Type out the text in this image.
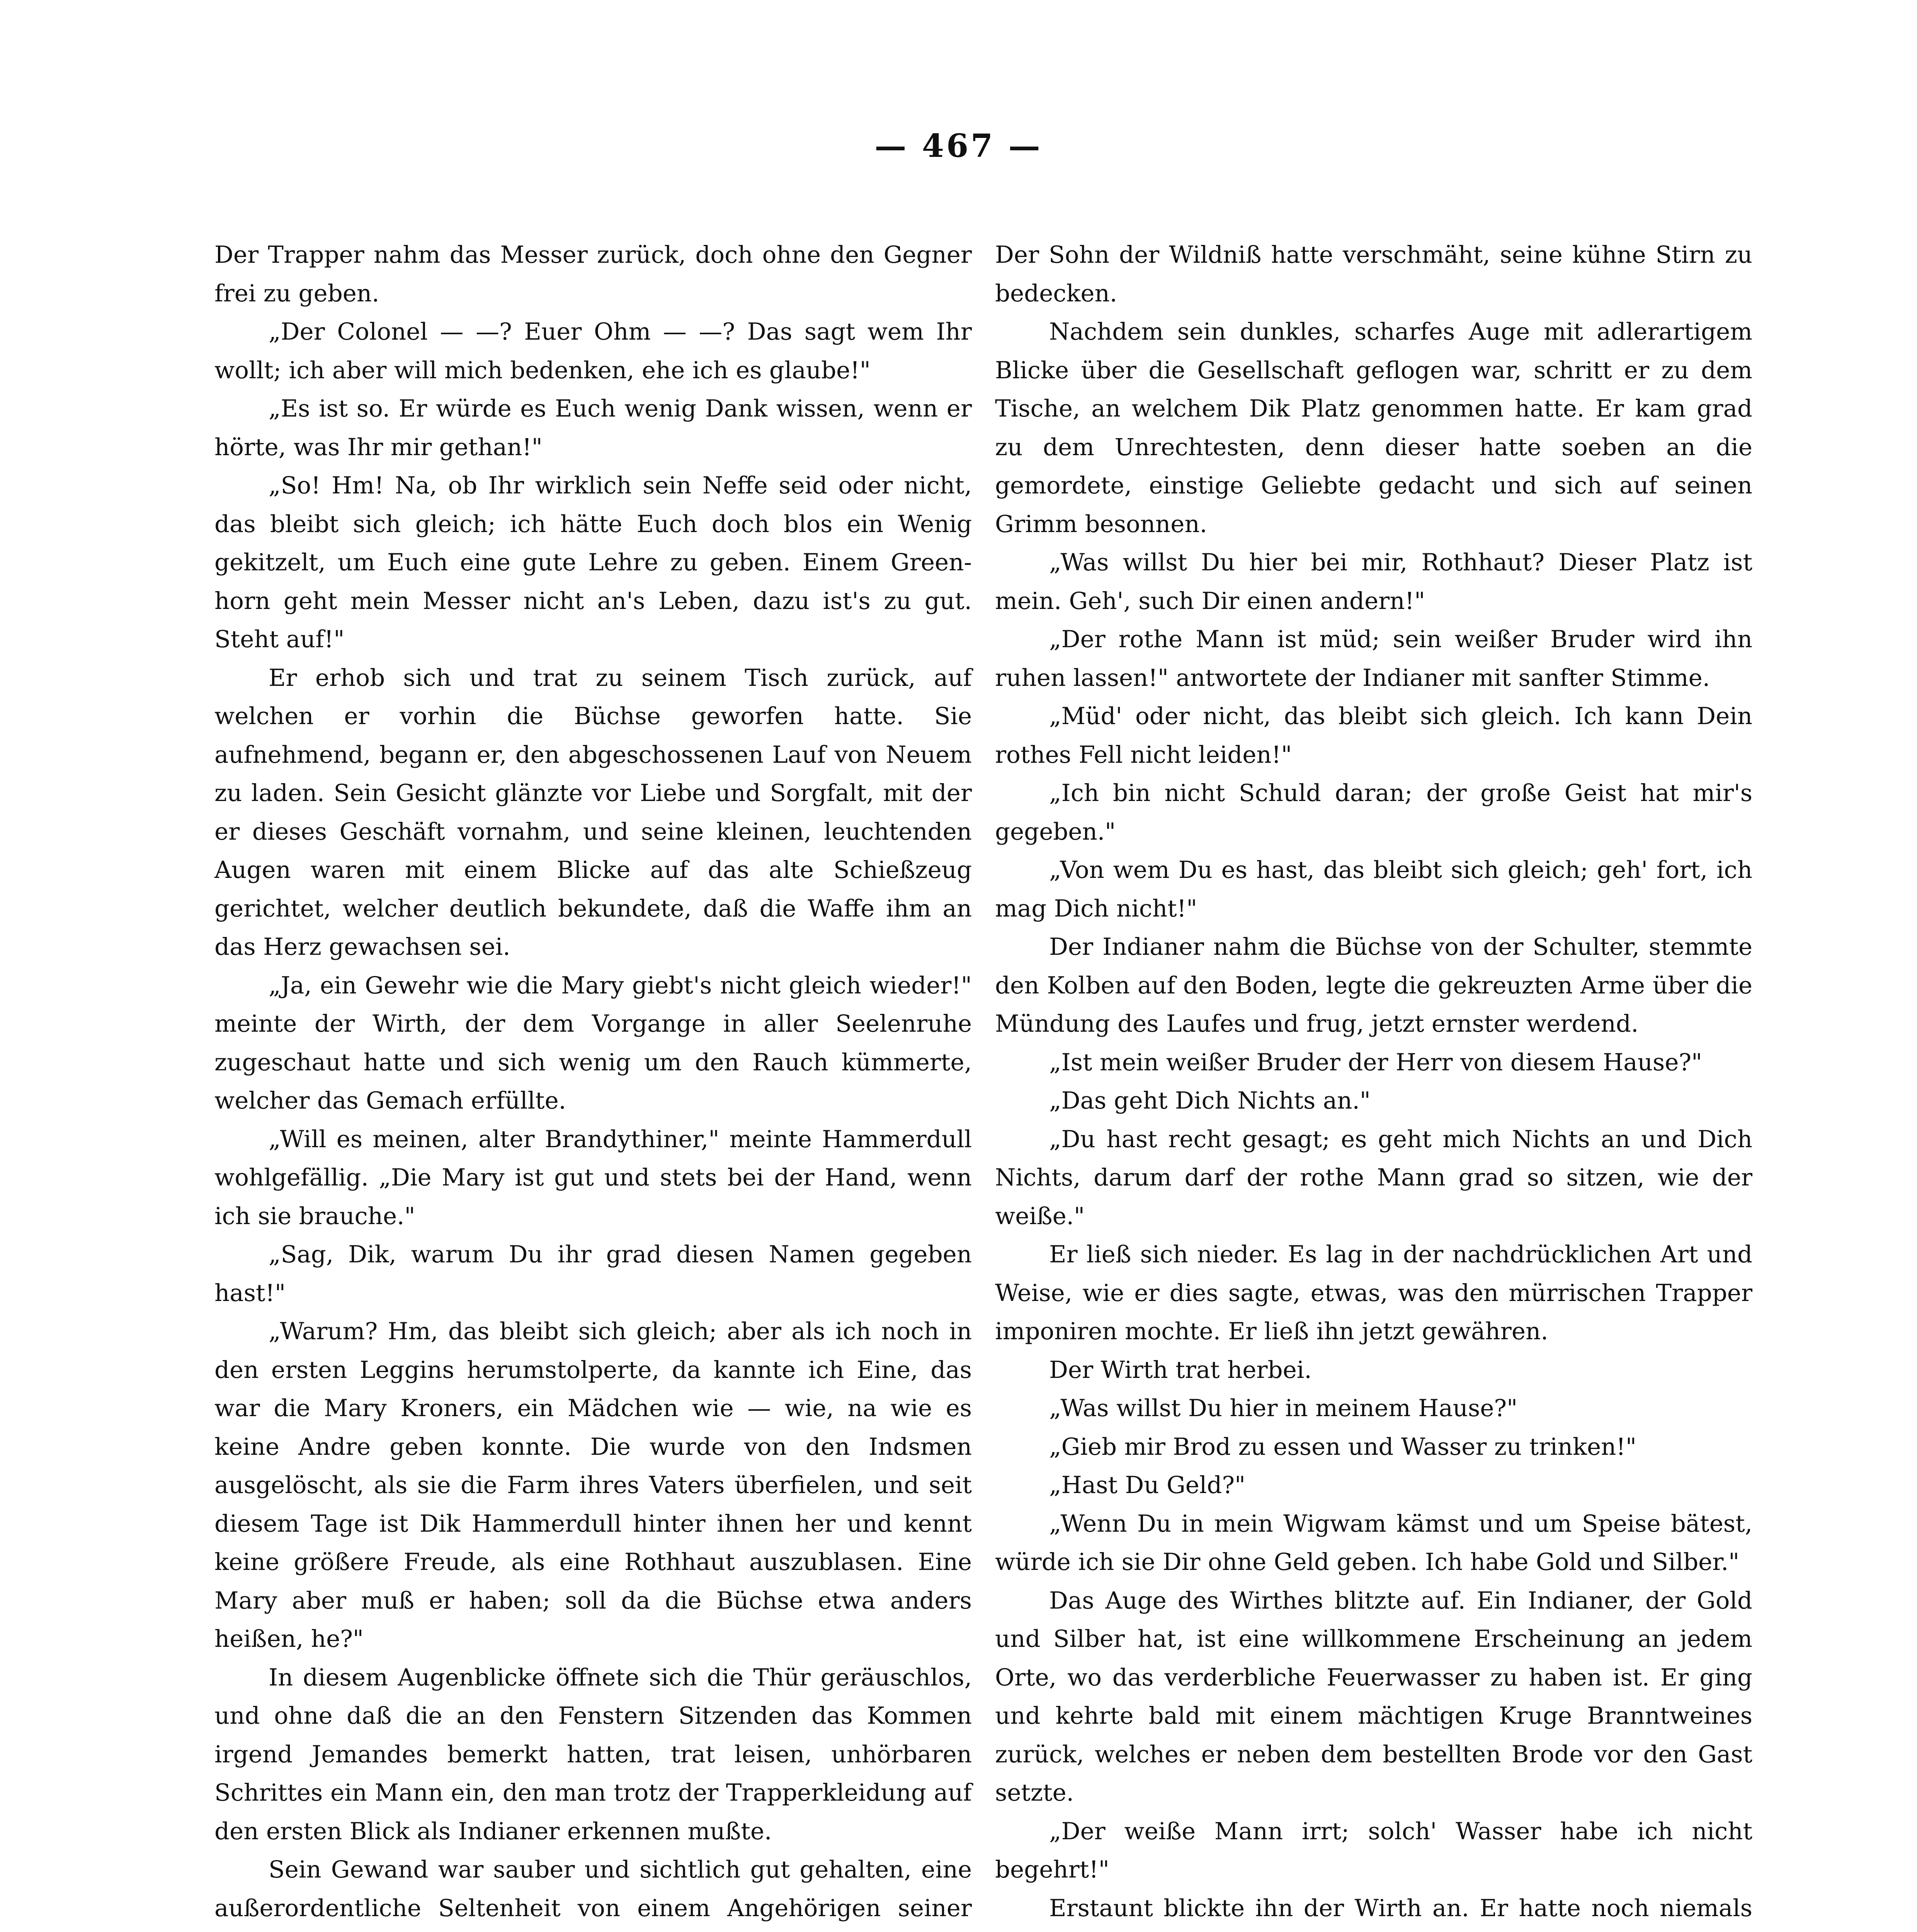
— 467 —

Der Trapper nahm das Messer zurück, doch ohne den Gegner frei zu geben.

„Der Colonel — —? Euer Ohm — —? Das sagt wem Ihr wollt; ich aber will mich bedenken, ehe ich es glaube!"

„Es ist so. Er würde es Euch wenig Dank wissen, wenn er hörte, was Ihr mir gethan!"

„So! Hm! Na, ob Ihr wirklich sein Neffe seid oder nicht, das bleibt sich gleich; ich hätte Euch doch blos ein Wenig gekitzelt, um Euch eine gute Lehre zu geben. Einem Green-horn geht mein Messer nicht an's Leben, dazu ist's zu gut. Steht auf!"

Er erhob sich und trat zu seinem Tisch zurück, auf welchen er vorhin die Büchse geworfen hatte. Sie aufnehmend, begann er, den abgeschossenen Lauf von Neuem zu laden. Sein Gesicht glänzte vor Liebe und Sorgfalt, mit der er dieses Geschäft vornahm, und seine kleinen, leuchtenden Augen waren mit einem Blicke auf das alte Schießzeug gerichtet, welcher deutlich bekundete, daß die Waffe ihm an das Herz gewachsen sei.

„Ja, ein Gewehr wie die Mary giebt's nicht gleich wieder!" meinte der Wirth, der dem Vorgange in aller Seelenruhe zugeschaut hatte und sich wenig um den Rauch kümmerte, welcher das Gemach erfüllte.

„Will es meinen, alter Brandythiner," meinte Hammerdull wohlgefällig. „Die Mary ist gut und stets bei der Hand, wenn ich sie brauche."

„Sag, Dik, warum Du ihr grad diesen Namen gegeben hast!"

„Warum? Hm, das bleibt sich gleich; aber als ich noch in den ersten Leggins herumstolperte, da kannte ich Eine, das war die Mary Kroners, ein Mädchen wie — wie, na wie es keine Andre geben konnte. Die wurde von den Indsmen ausgelöscht, als sie die Farm ihres Vaters überfielen, und seit diesem Tage ist Dik Hammerdull hinter ihnen her und kennt keine größere Freude, als eine Rothhaut auszublasen. Eine Mary aber muß er haben; soll da die Büchse etwa anders heißen, he?"

In diesem Augenblicke öffnete sich die Thür geräuschlos, und ohne daß die an den Fenstern Sitzenden das Kommen irgend Jemandes bemerkt hatten, trat leisen, unhörbaren Schrittes ein Mann ein, den man trotz der Trapperkleidung auf den ersten Blick als Indianer erkennen mußte.

Sein Gewand war sauber und sichtlich gut gehalten, eine außerordentliche Seltenheit von einem Angehörigen seiner

Der Sohn der Wildniß hatte verschmäht, seine kühne Stirn zu bedecken.

Nachdem sein dunkles, scharfes Auge mit adlerartigem Blicke über die Gesellschaft geflogen war, schritt er zu dem Tische, an welchem Dik Platz genommen hatte. Er kam grad zu dem Unrechtesten, denn dieser hatte soeben an die gemordete, einstige Geliebte gedacht und sich auf seinen Grimm besonnen.

„Was willst Du hier bei mir, Rothhaut? Dieser Platz ist mein. Geh', such Dir einen andern!"

„Der rothe Mann ist müd; sein weißer Bruder wird ihn ruhen lassen!" antwortete der Indianer mit sanfter Stimme.

„Müd' oder nicht, das bleibt sich gleich. Ich kann Dein rothes Fell nicht leiden!"

„Ich bin nicht Schuld daran; der große Geist hat mir's gegeben."

„Von wem Du es hast, das bleibt sich gleich; geh' fort, ich mag Dich nicht!"

Der Indianer nahm die Büchse von der Schulter, stemmte den Kolben auf den Boden, legte die gekreuzten Arme über die Mündung des Laufes und frug, jetzt ernster werdend.

„Ist mein weißer Bruder der Herr von diesem Hause?"

„Das geht Dich Nichts an."

„Du hast recht gesagt; es geht mich Nichts an und Dich Nichts, darum darf der rothe Mann grad so sitzen, wie der weiße."

Er ließ sich nieder. Es lag in der nachdrücklichen Art und Weise, wie er dies sagte, etwas, was den mürrischen Trapper imponiren mochte. Er ließ ihn jetzt gewähren.

Der Wirth trat herbei.

„Was willst Du hier in meinem Hause?"

„Gieb mir Brod zu essen und Wasser zu trinken!"

„Hast Du Geld?"

„Wenn Du in mein Wigwam kämst und um Speise bätest, würde ich sie Dir ohne Geld geben. Ich habe Gold und Silber."

Das Auge des Wirthes blitzte auf. Ein Indianer, der Gold und Silber hat, ist eine willkommene Erscheinung an jedem Orte, wo das verderbliche Feuerwasser zu haben ist. Er ging und kehrte bald mit einem mächtigen Kruge Branntweines zurück, welches er neben dem bestellten Brode vor den Gast setzte.

„Der weiße Mann irrt; solch' Wasser habe ich nicht begehrt!"

Erstaunt blickte ihn der Wirth an. Er hatte noch niemals
